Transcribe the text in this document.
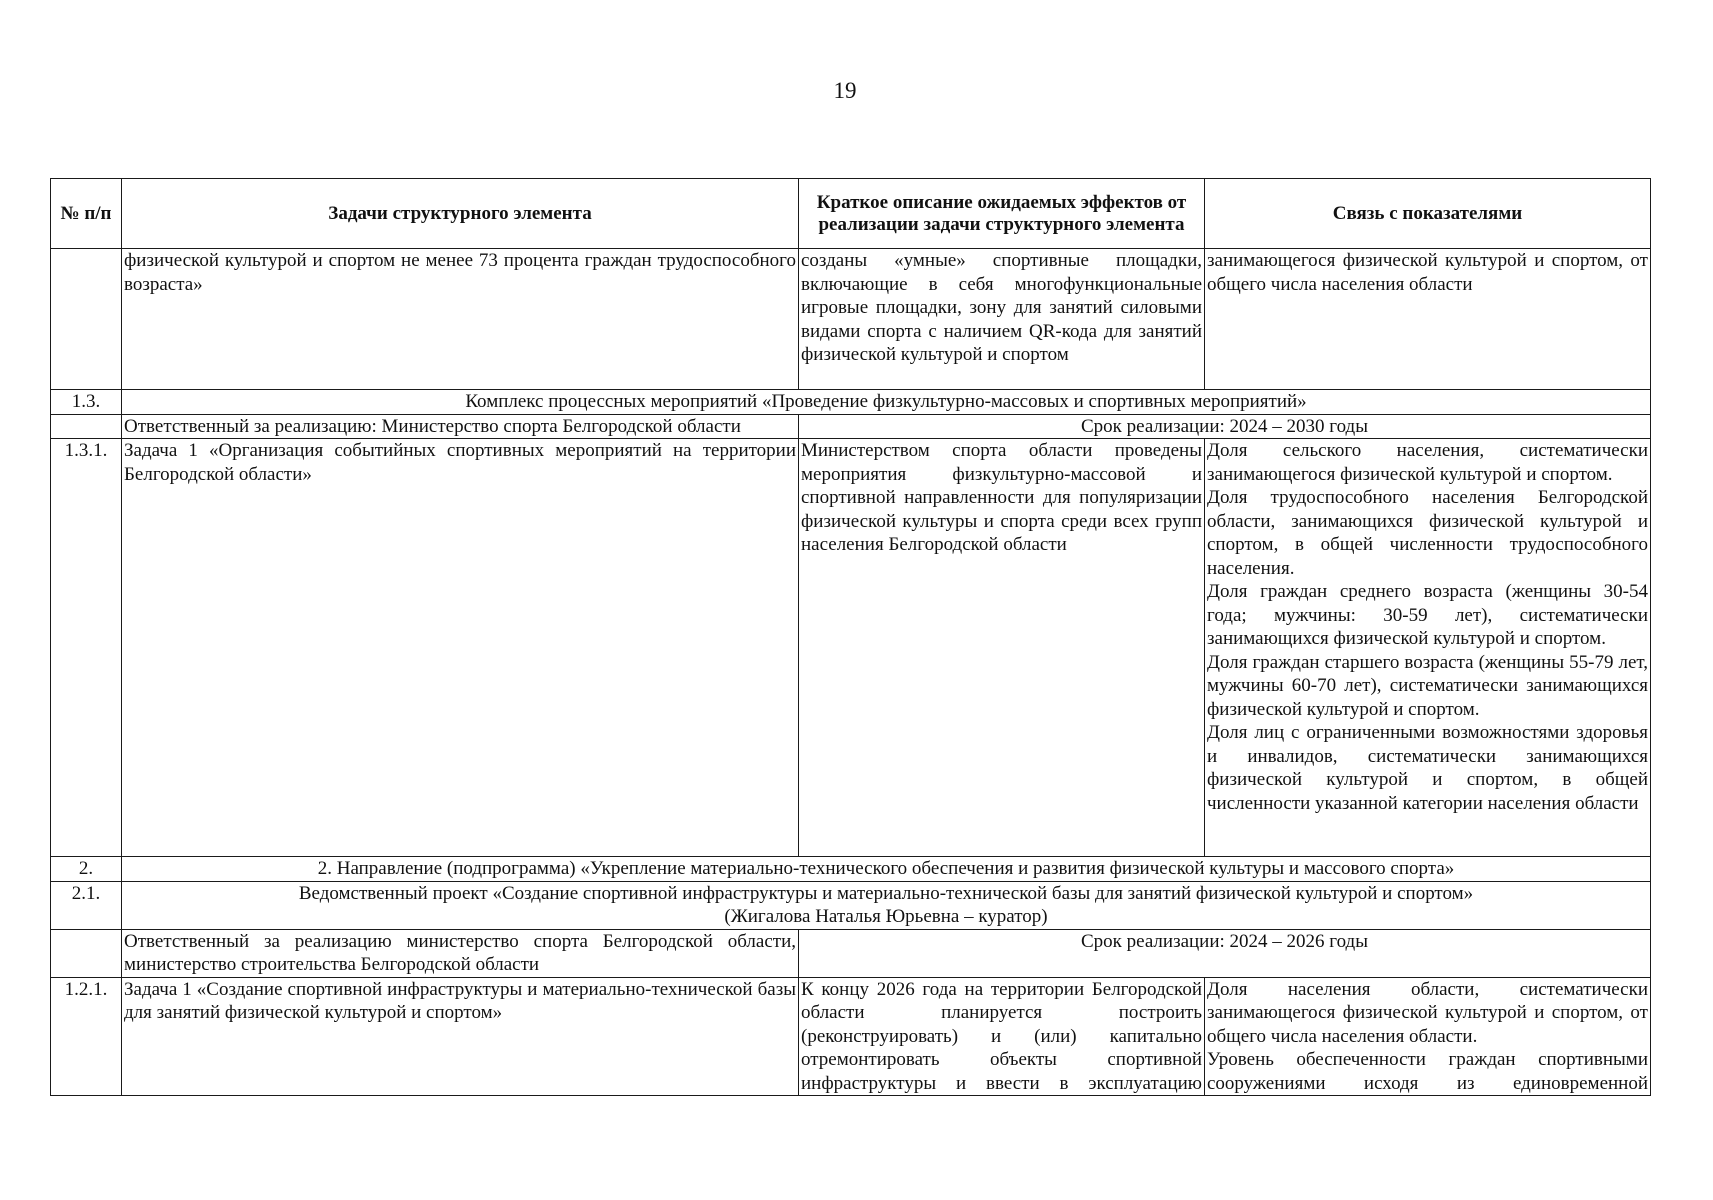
19
№ п/п	Задачи структурного элемента	Краткое описание ожидаемых эффектов от реализации задачи структурного элемента	Связь с показателями
	физической культурой и спортом не менее 73 процента граждан трудоспособного возраста»	созданы «умные» спортивные площадки, включающие в себя многофункциональные игровые площадки, зону для занятий силовыми видами спорта с наличием QR-кода для занятий физической культурой и спортом	занимающегося физической культурой и спортом, от общего числа населения области
1.3.	Комплекс процессных мероприятий «Проведение физкультурно-массовых и спортивных мероприятий»		
	Ответственный за реализацию: Министерство спорта Белгородской области	Срок реализации: 2024 – 2030 годы	
1.3.1.	Задача 1 «Организация событийных спортивных мероприятий на территории Белгородской области»	Министерством спорта области проведены мероприятия физкультурно-массовой и спортивной направленности для популяризации физической культуры и спорта среди всех групп населения Белгородской области	Доля сельского населения, систематически занимающегося физической культурой и спортом.
Доля трудоспособного населения Белгородской области, занимающихся физической культурой и спортом, в общей численности трудоспособного населения.
Доля граждан среднего возраста (женщины 30-54 года; мужчины: 30-59 лет), систематически занимающихся физической культурой и спортом.
Доля граждан старшего возраста (женщины 55-79 лет, мужчины 60-70 лет), систематически занимающихся физической культурой и спортом.
Доля лиц с ограниченными возможностями здоровья и инвалидов, систематически занимающихся физической культурой и спортом, в общей численности указанной категории населения области

2.	2. Направление (подпрограмма) «Укрепление материально-технического обеспечения и развития физической культуры и массового спорта»		
2.1.	Ведомственный проект «Создание спортивной инфраструктуры и материально-технической базы для занятий физической культурой и спортом»
(Жигалова Наталья Юрьевна – куратор)		

	Ответственный за реализацию министерство спорта Белгородской области, министерство строительства Белгородской области	Срок реализации: 2024 – 2026 годы	
1.2.1.	Задача 1 «Создание спортивной инфраструктуры и материально-технической базы для занятий физической культурой и спортом»	К концу 2026 года на территории Белгородской области планируется построить (реконструировать) и (или) капитально отремонтировать объекты спортивной инфраструктуры и ввести в эксплуатацию	Доля населения области, систематически занимающегося физической культурой и спортом, от общего числа населения области.
Уровень обеспеченности граждан спортивными сооружениями исходя из единовременной
